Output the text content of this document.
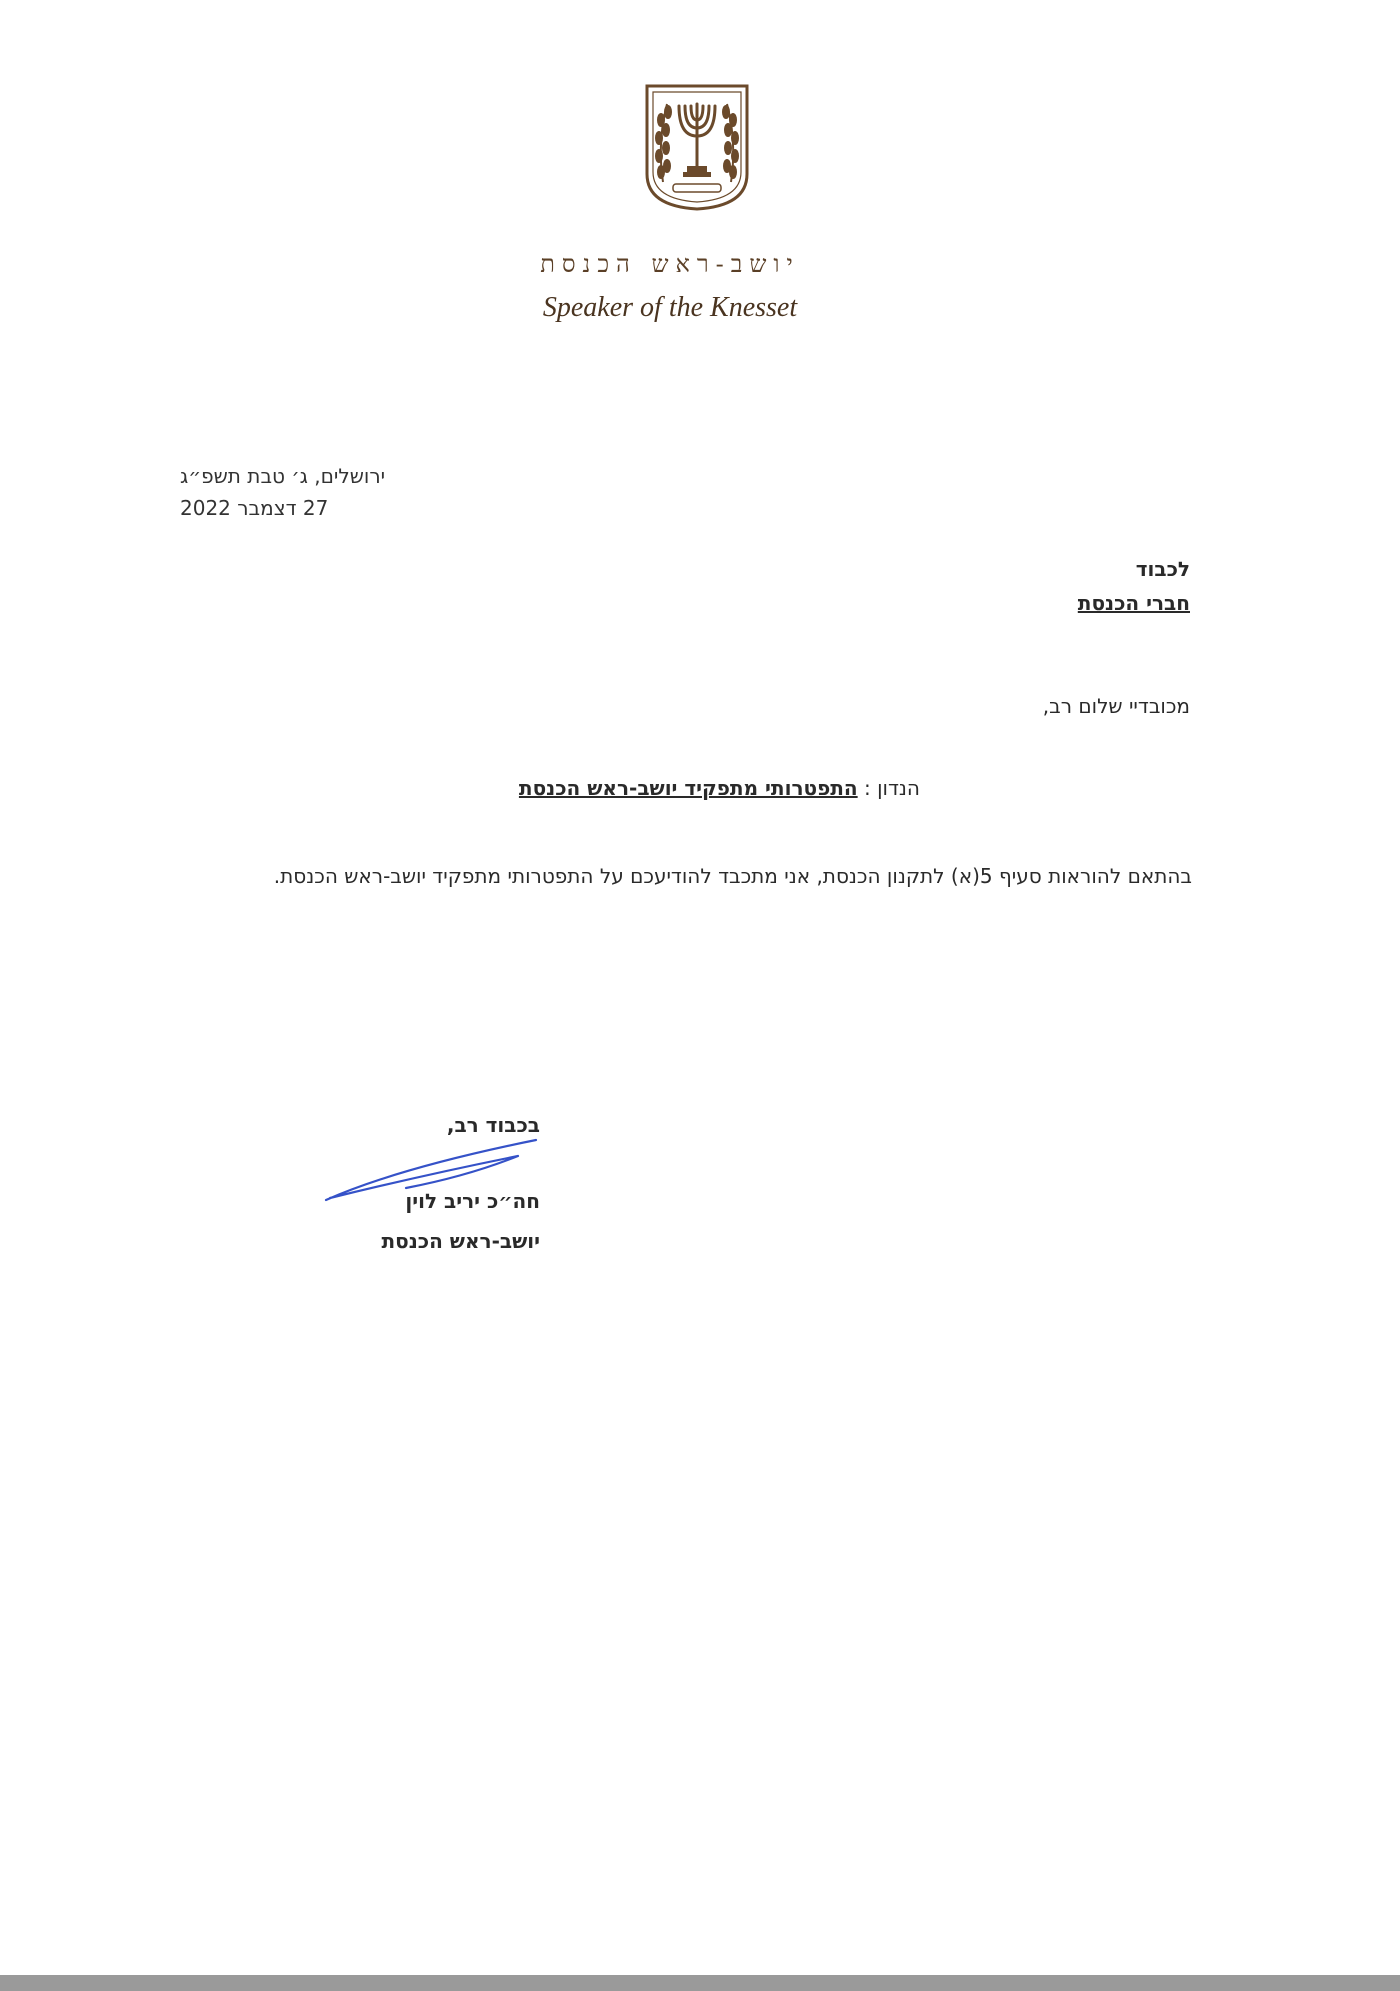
יושב-ראש הכנסת
Speaker of the Knesset
ירושלים, ג׳ טבת תשפ״ג
27 דצמבר 2022
לכבוד
חברי הכנסת
מכובדיי שלום רב,
הנדון : התפטרותי מתפקיד יושב-ראש הכנסת
בהתאם להוראות סעיף 5(א) לתקנון הכנסת, אני מתכבד להודיעכם על התפטרותי מתפקיד יושב-ראש הכנסת.
בכבוד רב,
חה״כ יריב לוין
יושב-ראש הכנסת
